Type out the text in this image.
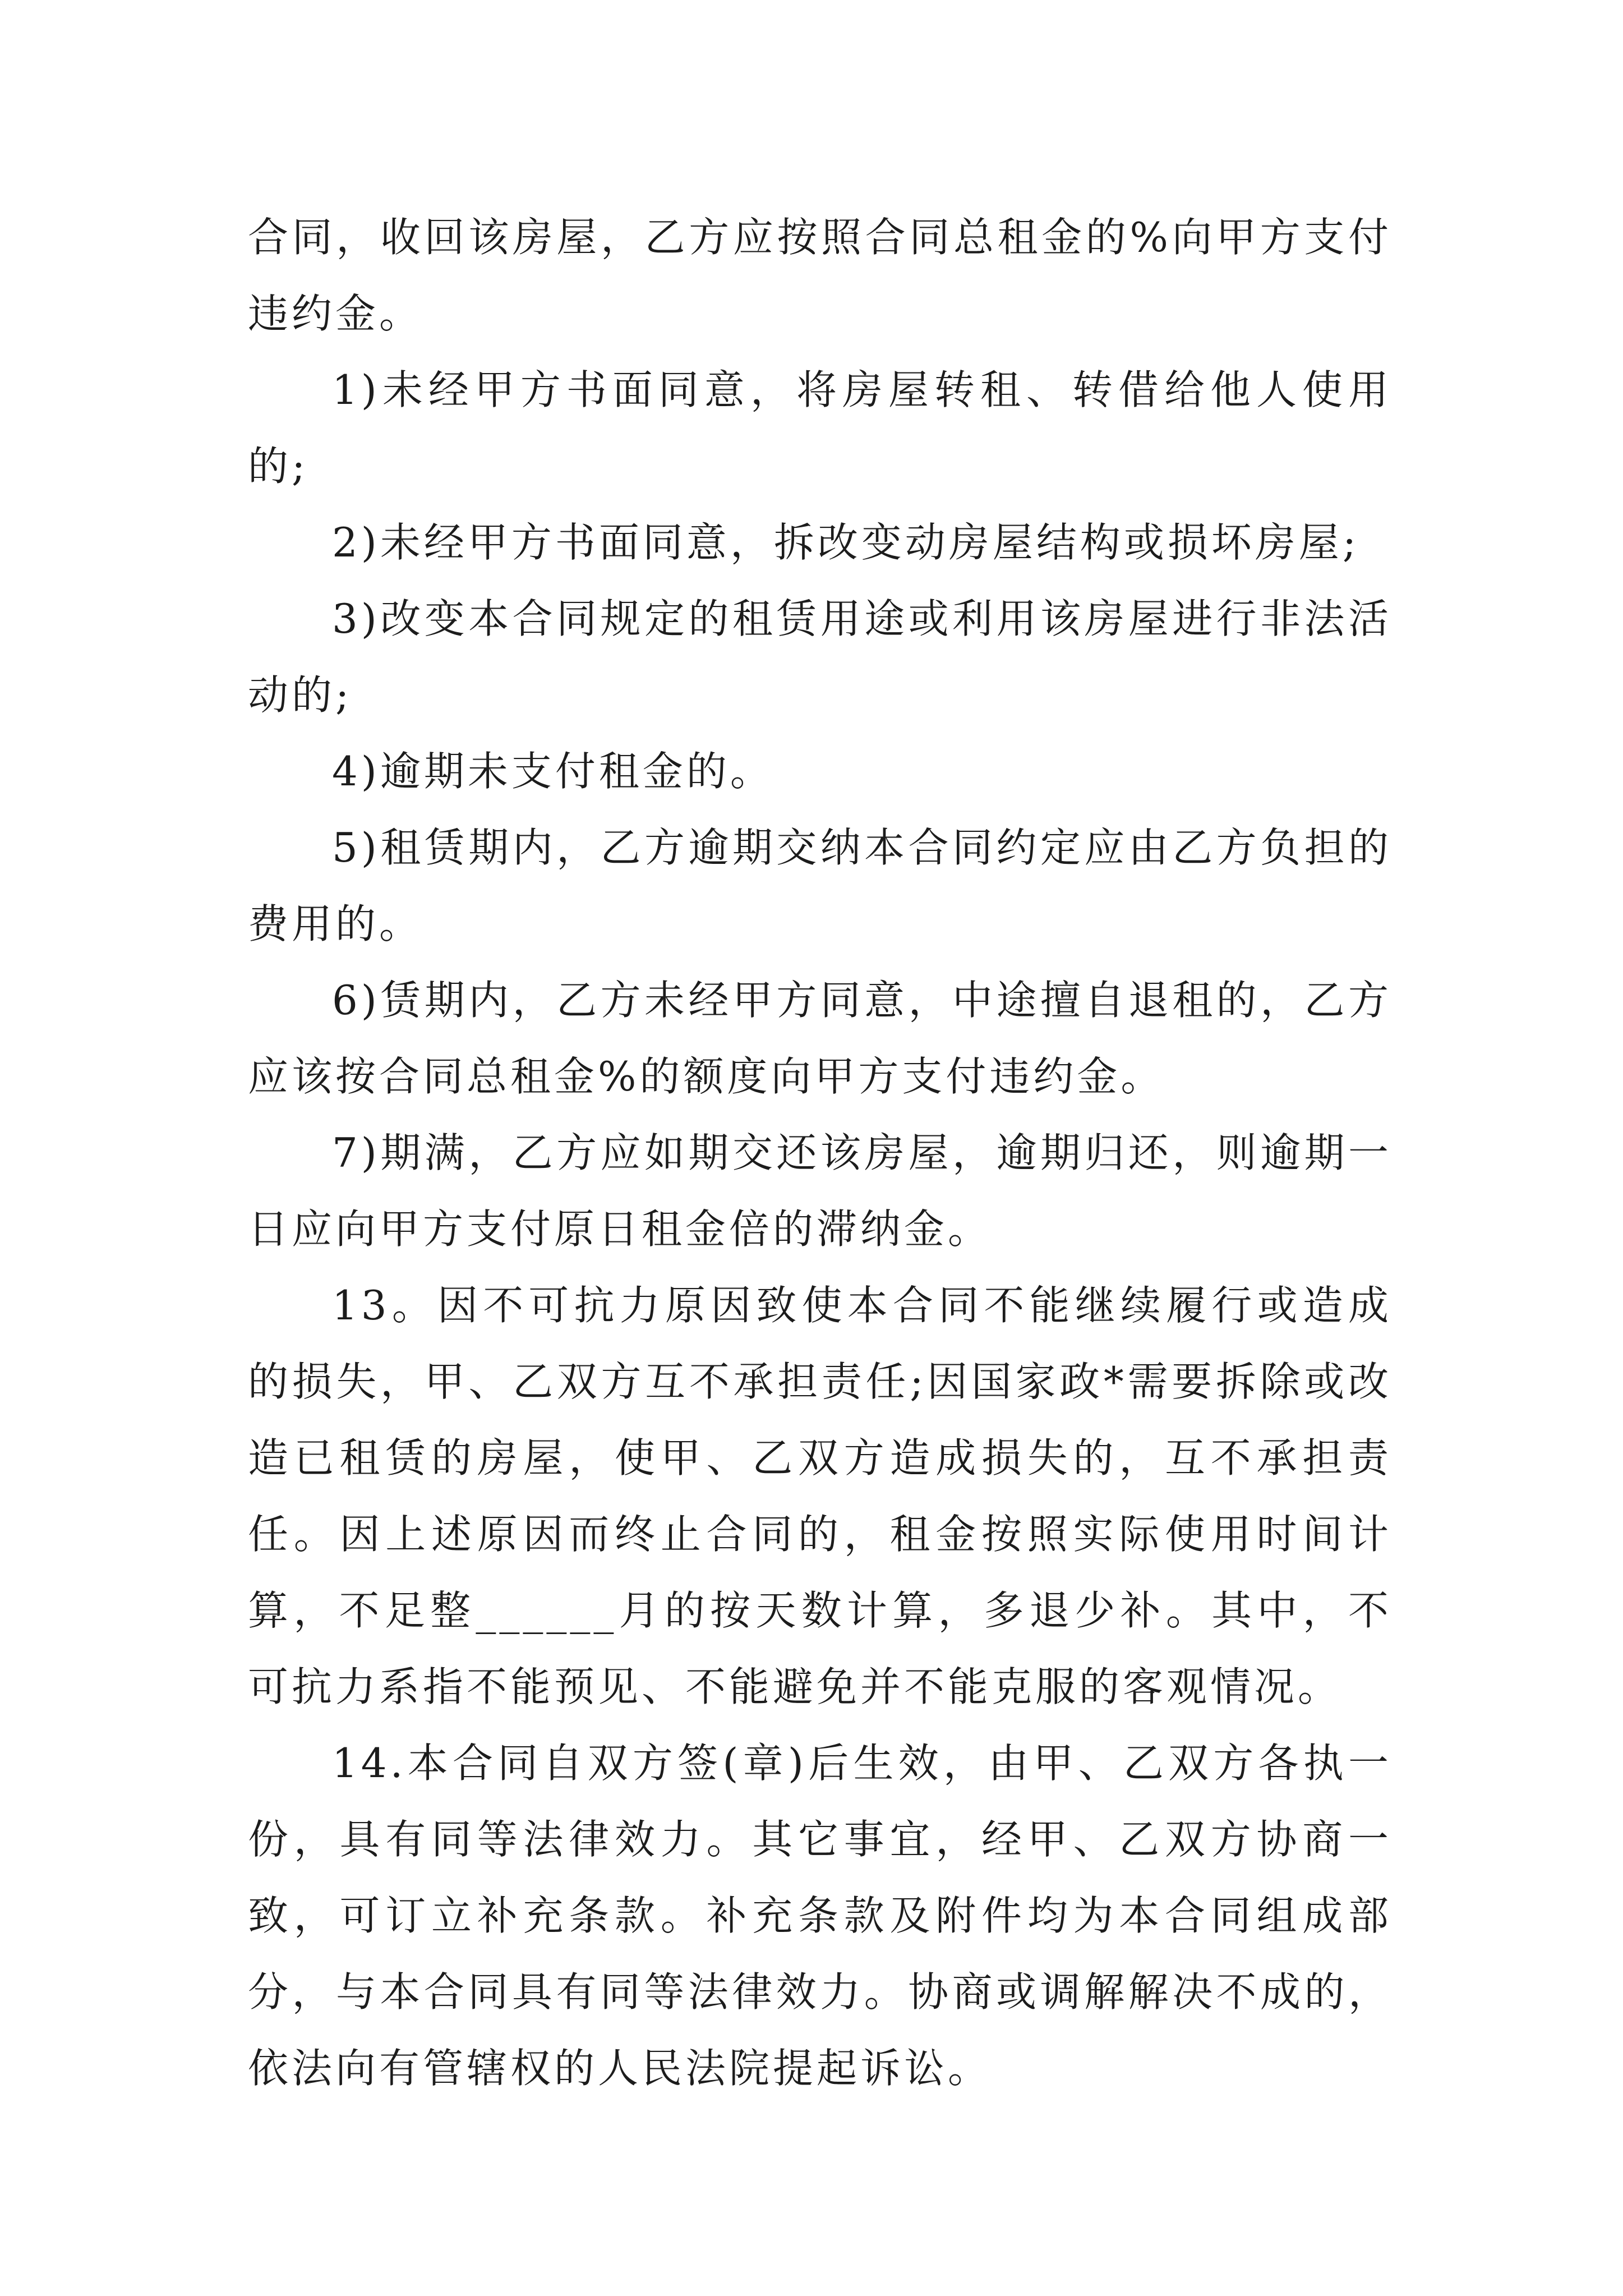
合同，收回该房屋，乙方应按照合同总租金的%向甲方支付违约金。

1)未经甲方书面同意，将房屋转租、转借给他人使用的;

2)未经甲方书面同意，拆改变动房屋结构或损坏房屋;

3)改变本合同规定的租赁用途或利用该房屋进行非法活动的;

4)逾期未支付租金的。

5)租赁期内，乙方逾期交纳本合同约定应由乙方负担的费用的。

6)赁期内，乙方未经甲方同意，中途擅自退租的，乙方应该按合同总租金%的额度向甲方支付违约金。

7)期满，乙方应如期交还该房屋，逾期归还，则逾期一日应向甲方支付原日租金倍的滞纳金。

13。因不可抗力原因致使本合同不能继续履行或造成的损失，甲、乙双方互不承担责任;因国家政*需要拆除或改造已租赁的房屋，使甲、乙双方造成损失的，互不承担责任。因上述原因而终止合同的，租金按照实际使用时间计算，不足整______月的按天数计算，多退少补。其中，不可抗力系指不能预见、不能避免并不能克服的客观情况。

14.本合同自双方签(章)后生效，由甲、乙双方各执一份，具有同等法律效力。其它事宜，经甲、乙双方协商一致，可订立补充条款。补充条款及附件均为本合同组成部分，与本合同具有同等法律效力。协商或调解解决不成的，依法向有管辖权的人民法院提起诉讼。
